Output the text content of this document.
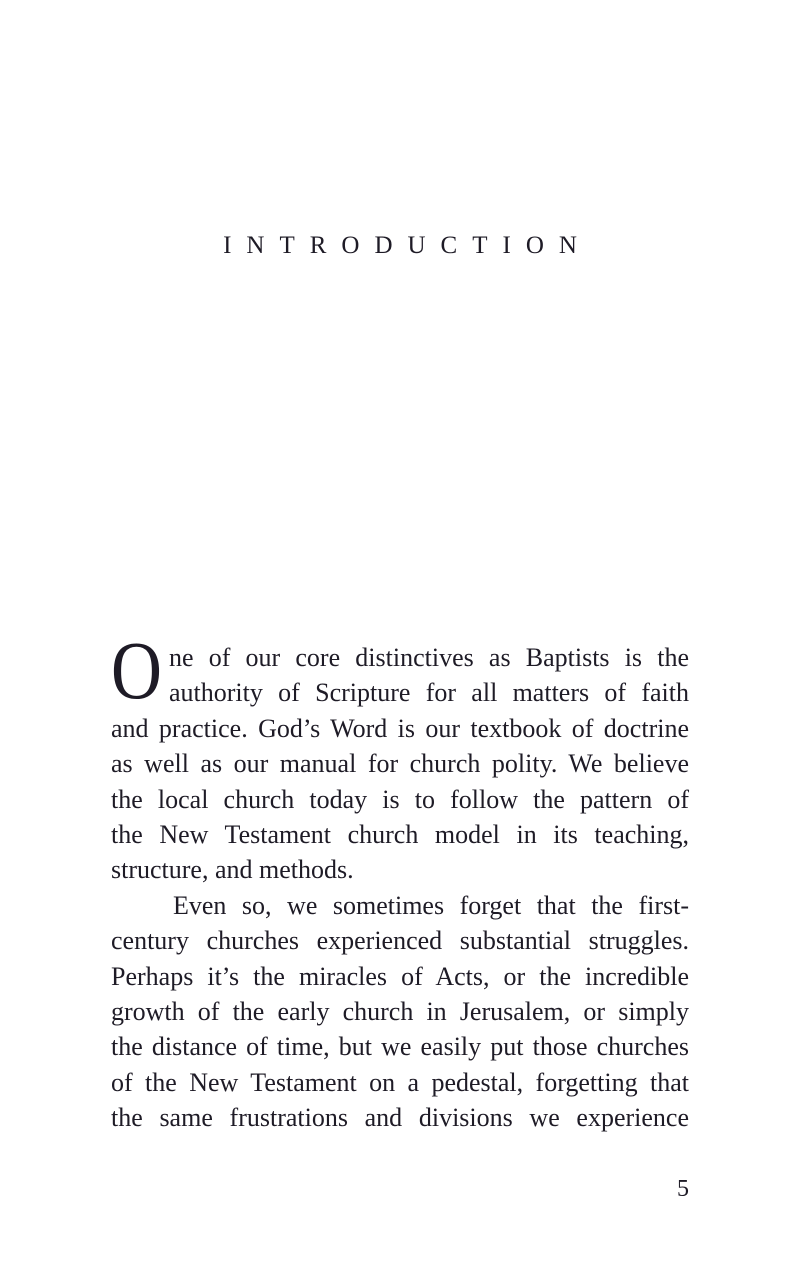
INTRODUCTION
O ne of our core distinctives as Baptists is the
authority of Scripture for all matters of faith
and practice. God’s Word is our textbook of doctrine
as well as our manual for church polity. We believe
the local church today is to follow the pattern of
the New Testament church model in its teaching,
structure, and methods.
Even so, we sometimes forget that the first-
century churches experienced substantial struggles.
Perhaps it’s the miracles of Acts, or the incredible
growth of the early church in Jerusalem, or simply
the distance of time, but we easily put those churches
of the New Testament on a pedestal, forgetting that
the same frustrations and divisions we experience
5
